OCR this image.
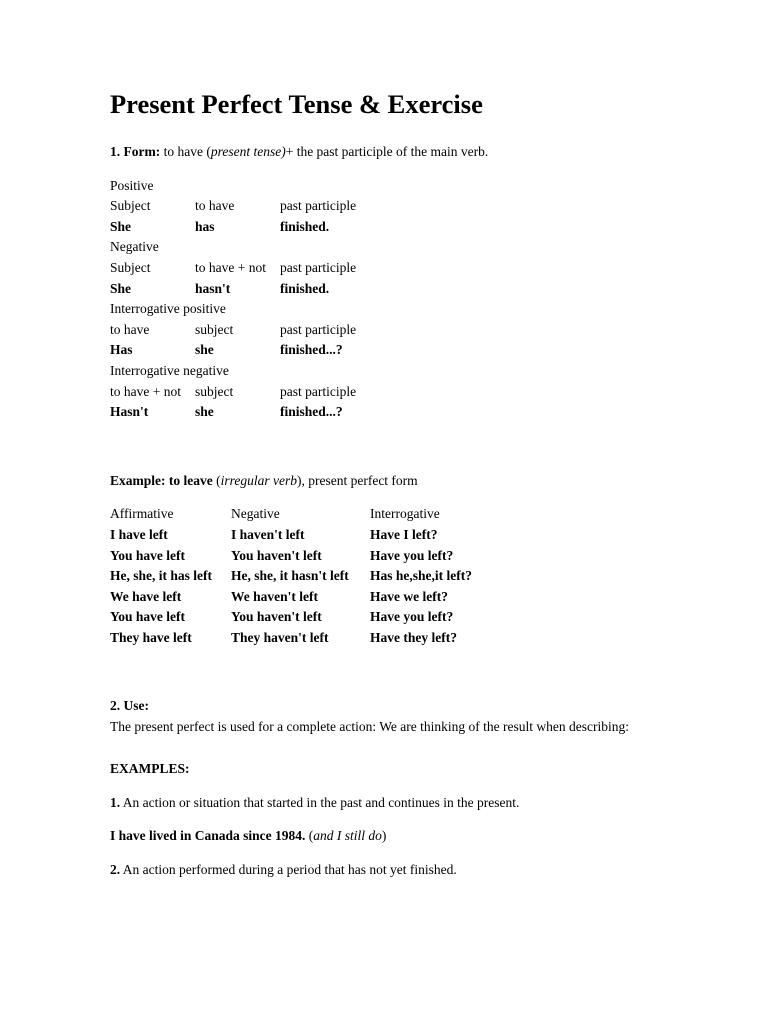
Present Perfect Tense & Exercise

1. Form: to have (present tense)+ the past participle of the main verb.

Positive
Subject	to have	past participle
She	has	finished.
Negative
Subject	to have + not	past participle
She	hasn't	finished.
Interrogative positive
to have	subject	past participle
Has	she	finished...?
Interrogative negative
to have + not	subject	past participle
Hasn't	she	finished...?

Example: to leave (irregular verb), present perfect form

Affirmative	Negative	Interrogative
I have left	I haven't left	Have I left?
You have left	You haven't left	Have you left?
He, she, it has left	He, she, it hasn't left	Has he,she,it left?
We have left	We haven't left	Have we left?
You have left	You haven't left	Have you left?
They have left	They haven't left	Have they left?
2. Use:
The present perfect is used for a complete action: We are thinking of the result when describing:

EXAMPLES:

1. An action or situation that started in the past and continues in the present.

I have lived in Canada since 1984. (and I still do)

2. An action performed during a period that has not yet finished.
